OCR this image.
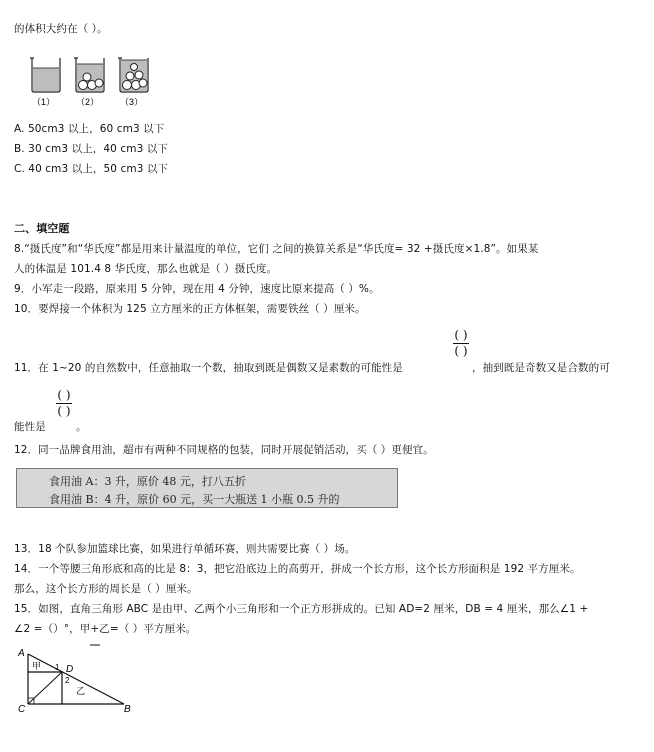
的体积大约在（ ）。
（1） （2） （3）
A. 50cm3 以上，60 cm3 以下
B. 30 cm3 以上，40 cm3 以下
C. 40 cm3 以上，50 cm3 以下
二、填空题
8.“摄氏度”和“华氏度”都是用来计量温度的单位，它们 之间的换算关系是“华氏度= 32 +摄氏度×1.8”。如果某
人的体温是 101.4 8 华氏度，那么也就是（ ）摄氏度。
9．小军走一段路，原来用 5 分钟，现在用 4 分钟，速度比原来提高（ ）%。
10．要焊接一个体积为 125 立方厘米的正方体框架，需要铁丝（ ）厘米。
11．在 1~20 的自然数中，任意抽取一个数，抽取到既是偶数又是素数的可能性是
( )
( )
，抽到既是奇数又是合数的可
能性是
( )
( )
。
12．同一品牌食用油，超市有两种不同规格的包装，同时开展促销活动，买（ ）更便宜。
食用油 A：3 升，原价 48 元，打八五折
食用油 B：4 升，原价 60 元，买一大瓶送 1 小瓶 0.5 升的
13．18 个队参加篮球比赛，如果进行单循环赛，则共需要比赛（ ）场。
14．一个等腰三角形底和高的比是 8：3，把它沿底边上的高剪开，拼成一个长方形，这个长方形面积是 192 平方厘米。
那么，这个长方形的周长是（ ）厘米。
15．如图，直角三角形 ABC 是由甲、乙两个小三角形和一个正方形拼成的。已知 AD=2 厘米，DB = 4 厘米，那么∠1 +
∠2 =（）°，甲+乙=（ ）平方厘米。
A
C	B
D
甲
乙
1
2
